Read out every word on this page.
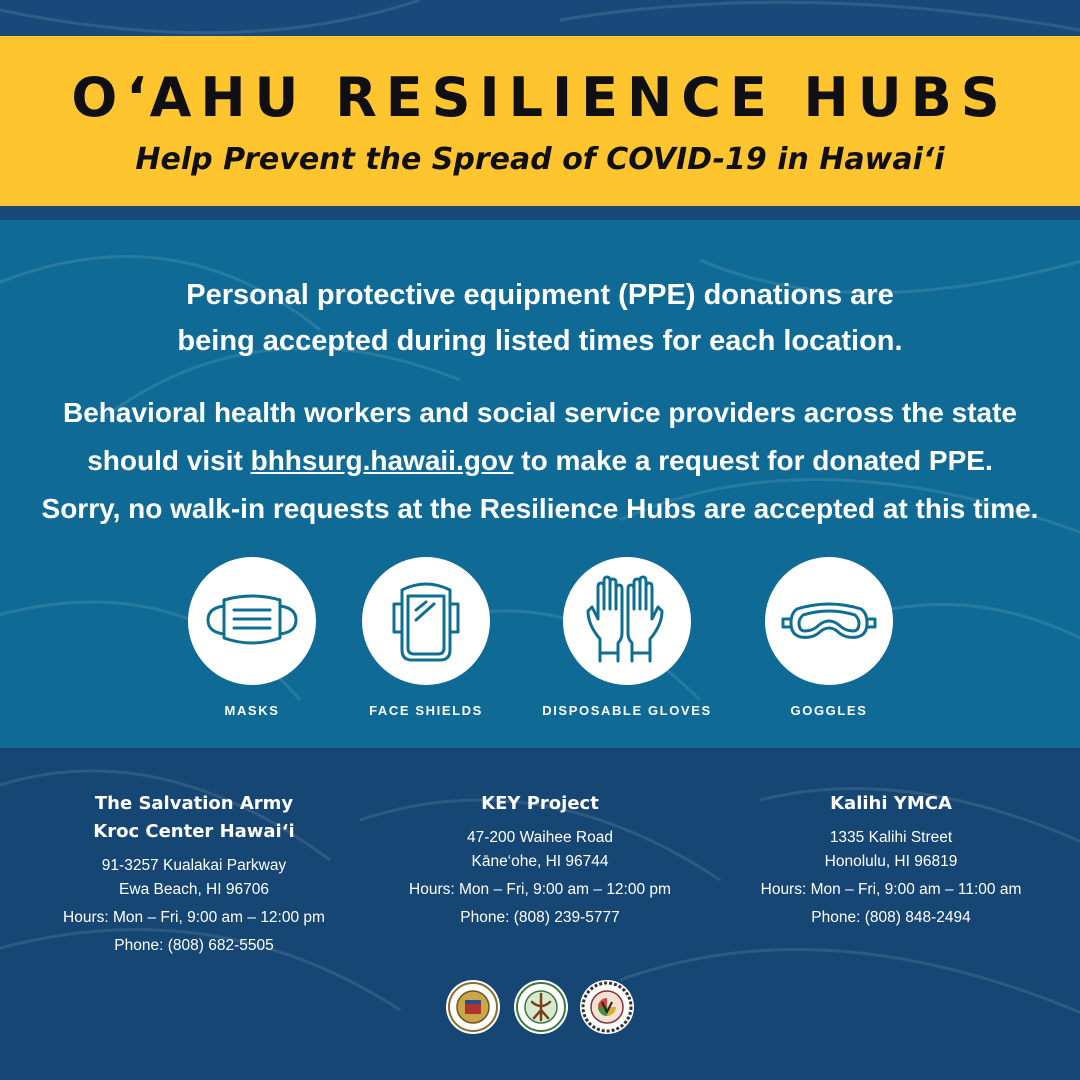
O‘AHU RESILIENCE HUBS
Help Prevent the Spread of COVID-19 in Hawai‘i
Personal protective equipment (PPE) donations are
being accepted during listed times for each location.
Behavioral health workers and social service providers across the state
should visit bhhsurg.hawaii.gov to make a request for donated PPE.
Sorry, no walk-in requests at the Resilience Hubs are accepted at this time.
MASKS	FACE SHIELDS	DISPOSABLE GLOVES	GOGGLES
The Salvation Army
Kroc Center Hawai‘i
91-3257 Kualakai Parkway
Ewa Beach, HI 96706
Hours: Mon – Fri, 9:00 am – 12:00 pm
Phone: (808) 682-5505
KEY Project
47-200 Waihee Road
Kāne‘ohe, HI 96744
Hours: Mon – Fri, 9:00 am – 12:00 pm
Phone: (808) 239-5777
Kalihi YMCA
1335 Kalihi Street
Honolulu, HI 96819
Hours: Mon – Fri, 9:00 am – 11:00 am
Phone: (808) 848-2494
